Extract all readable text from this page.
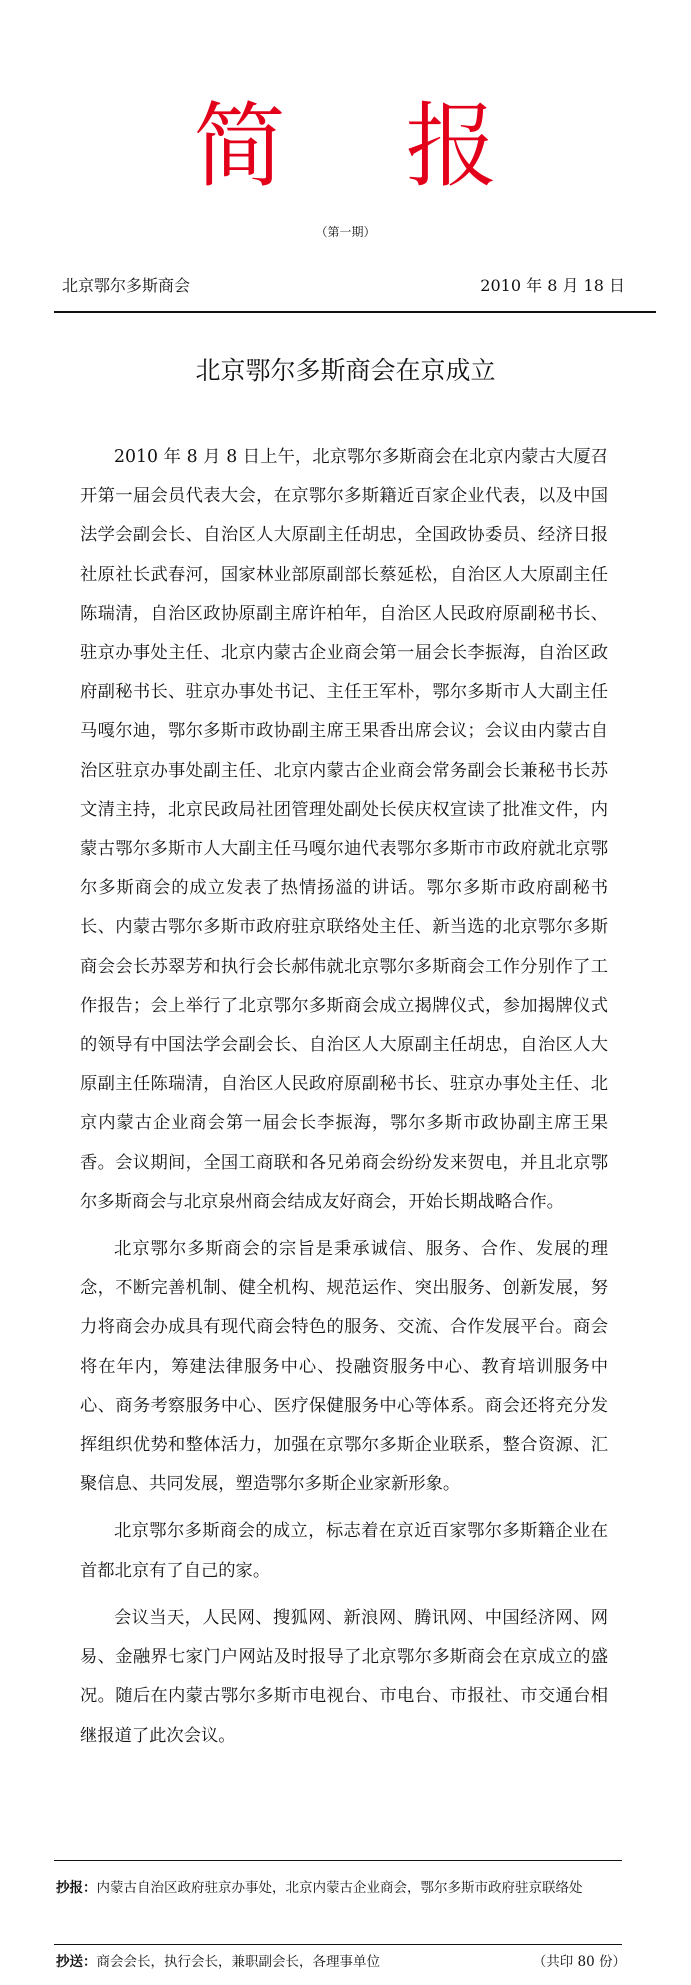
简报
（第一期）
北京鄂尔多斯商会	2010 年 8 月 18 日
北京鄂尔多斯商会在京成立

2010 年 8 月 8 日上午，北京鄂尔多斯商会在北京内蒙古大厦召开第一届会员代表大会，在京鄂尔多斯籍近百家企业代表，以及中国法学会副会长、自治区人大原副主任胡忠，全国政协委员、经济日报社原社长武春河，国家林业部原副部长蔡延松，自治区人大原副主任陈瑞清，自治区政协原副主席许柏年，自治区人民政府原副秘书长、驻京办事处主任、北京内蒙古企业商会第一届会长李振海，自治区政府副秘书长、驻京办事处书记、主任王军朴，鄂尔多斯市人大副主任马嘎尔迪，鄂尔多斯市政协副主席王果香出席会议；会议由内蒙古自治区驻京办事处副主任、北京内蒙古企业商会常务副会长兼秘书长苏文清主持，北京民政局社团管理处副处长侯庆权宣读了批准文件，内蒙古鄂尔多斯市人大副主任马嘎尔迪代表鄂尔多斯市市政府就北京鄂尔多斯商会的成立发表了热情扬溢的讲话。鄂尔多斯市政府副秘书长、内蒙古鄂尔多斯市政府驻京联络处主任、新当选的北京鄂尔多斯商会会长苏翠芳和执行会长郝伟就北京鄂尔多斯商会工作分别作了工作报告；会上举行了北京鄂尔多斯商会成立揭牌仪式，参加揭牌仪式的领导有中国法学会副会长、自治区人大原副主任胡忠，自治区人大原副主任陈瑞清，自治区人民政府原副秘书长、驻京办事处主任、北京内蒙古企业商会第一届会长李振海，鄂尔多斯市政协副主席王果香。会议期间，全国工商联和各兄弟商会纷纷发来贺电，并且北京鄂尔多斯商会与北京泉州商会结成友好商会，开始长期战略合作。

北京鄂尔多斯商会的宗旨是秉承诚信、服务、合作、发展的理念，不断完善机制、健全机构、规范运作、突出服务、创新发展，努力将商会办成具有现代商会特色的服务、交流、合作发展平台。商会将在年内，筹建法律服务中心、投融资服务中心、教育培训服务中心、商务考察服务中心、医疗保健服务中心等体系。商会还将充分发挥组织优势和整体活力，加强在京鄂尔多斯企业联系，整合资源、汇聚信息、共同发展，塑造鄂尔多斯企业家新形象。

北京鄂尔多斯商会的成立，标志着在京近百家鄂尔多斯籍企业在首都北京有了自己的家。

会议当天，人民网、搜狐网、新浪网、腾讯网、中国经济网、网易、金融界七家门户网站及时报导了北京鄂尔多斯商会在京成立的盛况。随后在内蒙古鄂尔多斯市电视台、市电台、市报社、市交通台相继报道了此次会议。

抄报：内蒙古自治区政府驻京办事处，北京内蒙古企业商会，鄂尔多斯市政府驻京联络处
抄送：商会会长，执行会长，兼职副会长，各理事单位	（共印 80 份）
